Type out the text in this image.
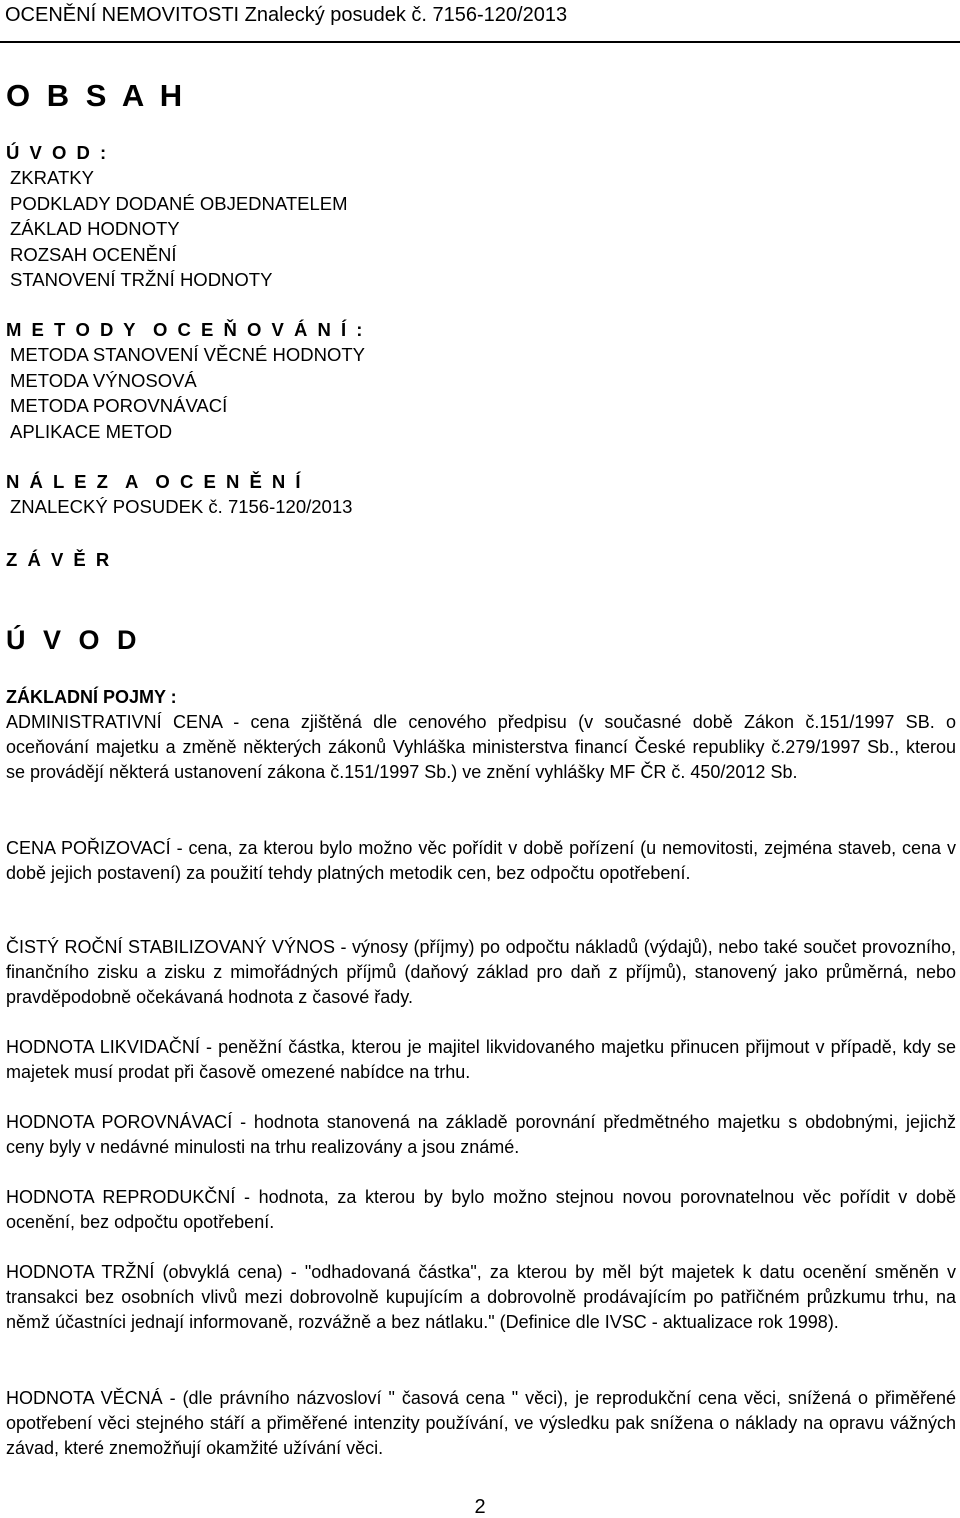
OCENĚNÍ NEMOVITOSTI Znalecký posudek č. 7156-120/2013
O B S A H
Ú V O D :
ZKRATKY
PODKLADY DODANÉ OBJEDNATELEM
ZÁKLAD HODNOTY
ROZSAH OCENĚNÍ
STANOVENÍ TRŽNÍ HODNOTY
M E T O D Y  O C E Ň O V Á N Í :
METODA STANOVENÍ VĚCNÉ HODNOTY
METODA VÝNOSOVÁ
METODA POROVNÁVACÍ
APLIKACE METOD
N Á L E Z  A  O C E N Ě N Í
ZNALECKÝ POSUDEK č. 7156-120/2013
Z Á V Ě R
Ú V O D
ZÁKLADNÍ POJMY :
ADMINISTRATIVNÍ CENA - cena zjištěná dle cenového předpisu (v současné době Zákon č.151/1997 SB. o oceňování majetku a změně některých zákonů Vyhláška ministerstva financí České republiky č.279/1997 Sb., kterou se provádějí některá ustanovení zákona č.151/1997 Sb.) ve znění vyhlášky MF ČR č. 450/2012 Sb.
CENA POŘIZOVACÍ - cena, za kterou bylo možno věc pořídit v době pořízení (u nemovitosti, zejména staveb, cena v době jejich postavení) za použití tehdy platných metodik cen, bez odpočtu opotřebení.
ČISTÝ ROČNÍ STABILIZOVANÝ VÝNOS - výnosy (příjmy) po odpočtu nákladů (výdajů), nebo také součet provozního, finančního zisku a zisku z mimořádných příjmů (daňový základ pro daň z příjmů), stanovený jako průměrná, nebo pravděpodobně očekávaná hodnota z časové řady.
HODNOTA LIKVIDAČNÍ - peněžní částka, kterou je majitel likvidovaného majetku přinucen přijmout v případě, kdy se majetek musí prodat při časově omezené nabídce na trhu.
HODNOTA POROVNÁVACÍ - hodnota stanovená na základě porovnání předmětného majetku s obdobnými, jejichž ceny byly v nedávné minulosti na trhu realizovány a jsou známé.
HODNOTA REPRODUKČNÍ - hodnota, za kterou by bylo možno stejnou novou porovnatelnou věc pořídit v době ocenění, bez odpočtu opotřebení.
HODNOTA TRŽNÍ (obvyklá cena) - "odhadovaná částka", za kterou by měl být majetek k datu ocenění směněn v transakci bez osobních vlivů mezi dobrovolně kupujícím a dobrovolně prodávajícím po patřičném průzkumu trhu, na němž účastníci jednají informovaně, rozvážně a bez nátlaku." (Definice dle IVSC - aktualizace rok 1998).
HODNOTA VĚCNÁ - (dle právního názvosloví " časová cena " věci), je reprodukční cena věci, snížená o přiměřené opotřebení věci stejného stáří a přiměřené intenzity používání, ve výsledku pak snížena o náklady na opravu vážných závad, které znemožňují okamžité užívání věci.
2
